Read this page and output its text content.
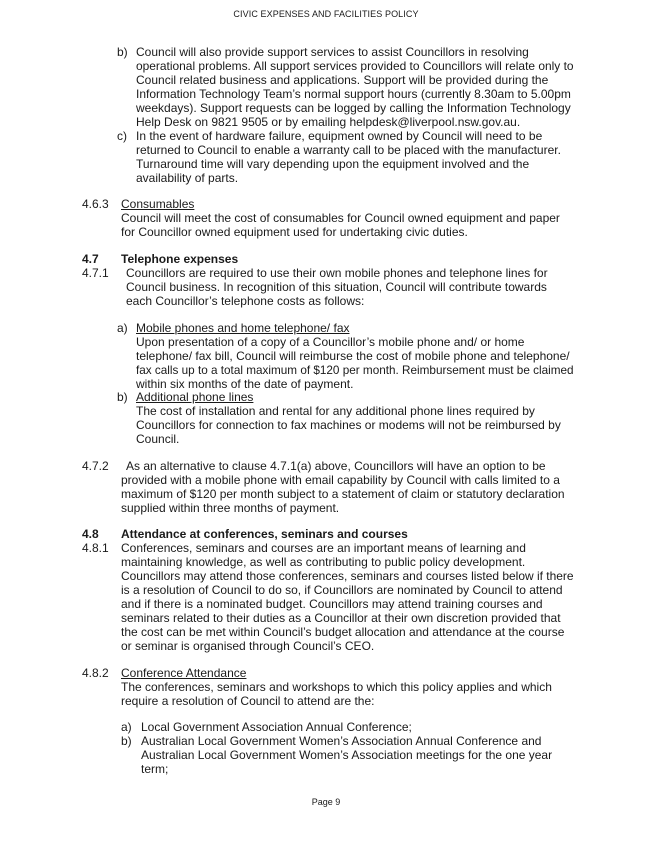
CIVIC EXPENSES AND FACILITIES POLICY
b) Council will also provide support services to assist Councillors in resolving
operational problems. All support services provided to Councillors will relate only to
Council related business and applications. Support will be provided during the
Information Technology Team’s normal support hours (currently 8.30am to 5.00pm
weekdays). Support requests can be logged by calling the Information Technology
Help Desk on 9821 9505 or by emailing helpdesk@liverpool.nsw.gov.au.
c) In the event of hardware failure, equipment owned by Council will need to be
returned to Council to enable a warranty call to be placed with the manufacturer.
Turnaround time will vary depending upon the equipment involved and the
availability of parts.
4.6.3 Consumables
Council will meet the cost of consumables for Council owned equipment and paper
for Councillor owned equipment used for undertaking civic duties.
4.7 Telephone expenses
4.7.1 Councillors are required to use their own mobile phones and telephone lines for
Council business. In recognition of this situation, Council will contribute towards
each Councillor’s telephone costs as follows:
a) Mobile phones and home telephone/ fax
Upon presentation of a copy of a Councillor’s mobile phone and/ or home
telephone/ fax bill, Council will reimburse the cost of mobile phone and telephone/
fax calls up to a total maximum of $120 per month. Reimbursement must be claimed
within six months of the date of payment.
b) Additional phone lines
The cost of installation and rental for any additional phone lines required by
Councillors for connection to fax machines or modems will not be reimbursed by
Council.
4.7.2 As an alternative to clause 4.7.1(a) above, Councillors will have an option to be
provided with a mobile phone with email capability by Council with calls limited to a
maximum of $120 per month subject to a statement of claim or statutory declaration
supplied within three months of payment.
4.8 Attendance at conferences, seminars and courses
4.8.1 Conferences, seminars and courses are an important means of learning and
maintaining knowledge, as well as contributing to public policy development.
Councillors may attend those conferences, seminars and courses listed below if there
is a resolution of Council to do so, if Councillors are nominated by Council to attend
and if there is a nominated budget. Councillors may attend training courses and
seminars related to their duties as a Councillor at their own discretion provided that
the cost can be met within Council’s budget allocation and attendance at the course
or seminar is organised through Council’s CEO.
4.8.2 Conference Attendance
The conferences, seminars and workshops to which this policy applies and which
require a resolution of Council to attend are the:
a) Local Government Association Annual Conference;
b) Australian Local Government Women’s Association Annual Conference and
Australian Local Government Women’s Association meetings for the one year
term;
Page 9
